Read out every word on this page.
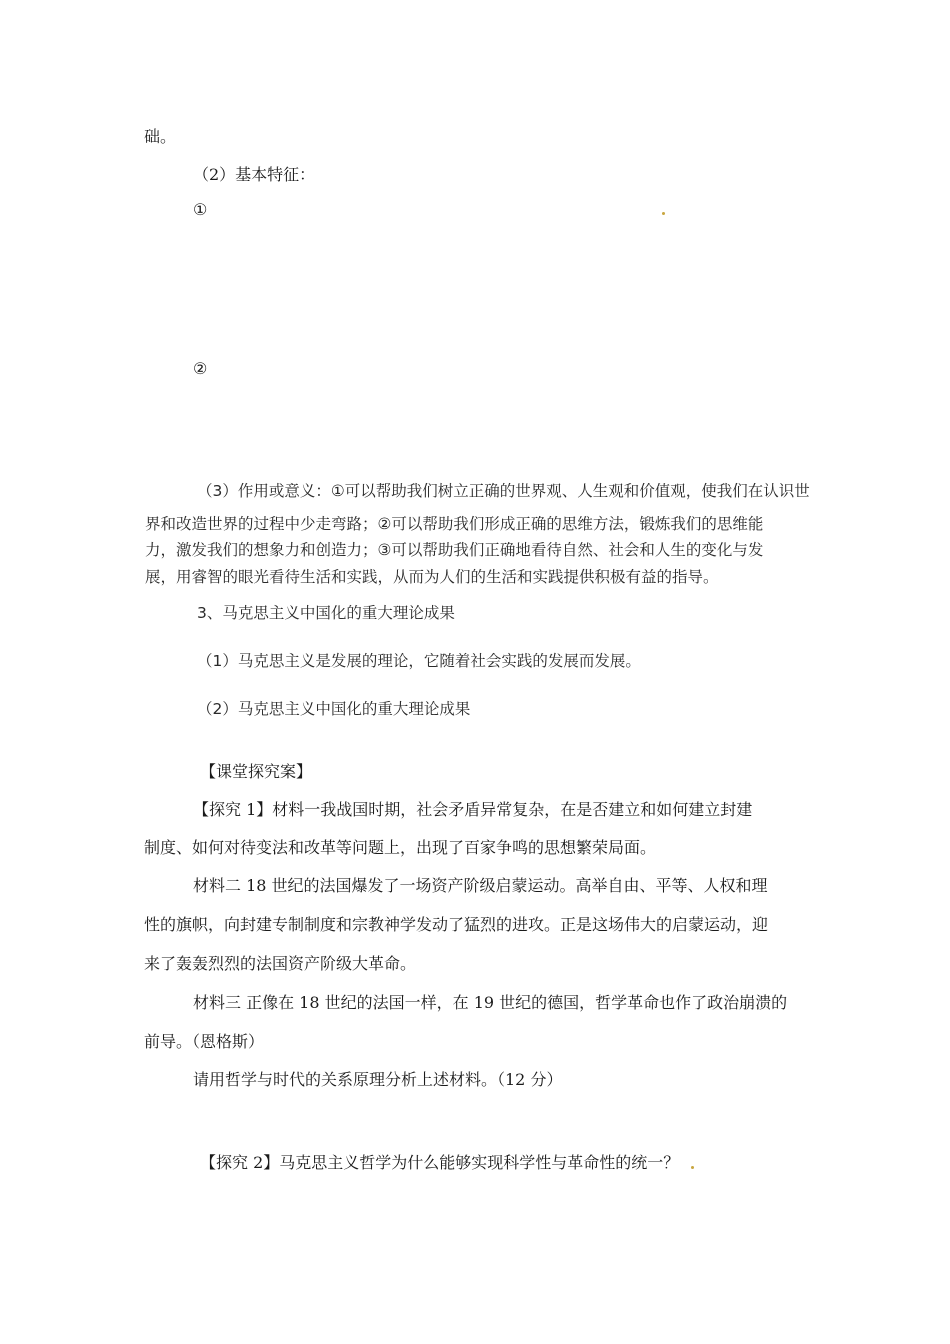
础。

（2）基本特征：

①

②

（3）作用或意义：①可以帮助我们树立正确的世界观、人生观和价值观，使我们在认识世

界和改造世界的过程中少走弯路；②可以帮助我们形成正确的思维方法，锻炼我们的思维能

力，激发我们的想象力和创造力；③可以帮助我们正确地看待自然、社会和人生的变化与发

展，用睿智的眼光看待生活和实践，从而为人们的生活和实践提供积极有益的指导。

3、马克思主义中国化的重大理论成果

（1）马克思主义是发展的理论，它随着社会实践的发展而发展。

（2）马克思主义中国化的重大理论成果

【课堂探究案】

【探究 1】材料一我战国时期，社会矛盾异常复杂，在是否建立和如何建立封建

制度、如何对待变法和改革等问题上，出现了百家争鸣的思想繁荣局面。

材料二 18 世纪的法国爆发了一场资产阶级启蒙运动。高举自由、平等、人权和理

性的旗帜，向封建专制制度和宗教神学发动了猛烈的进攻。正是这场伟大的启蒙运动，迎

来了轰轰烈烈的法国资产阶级大革命。

材料三 正像在 18 世纪的法国一样，在 19 世纪的德国，哲学革命也作了政治崩溃的

前导。（恩格斯）

请用哲学与时代的关系原理分析上述材料。（12 分）

【探究 2】马克思主义哲学为什么能够实现科学性与革命性的统一？
